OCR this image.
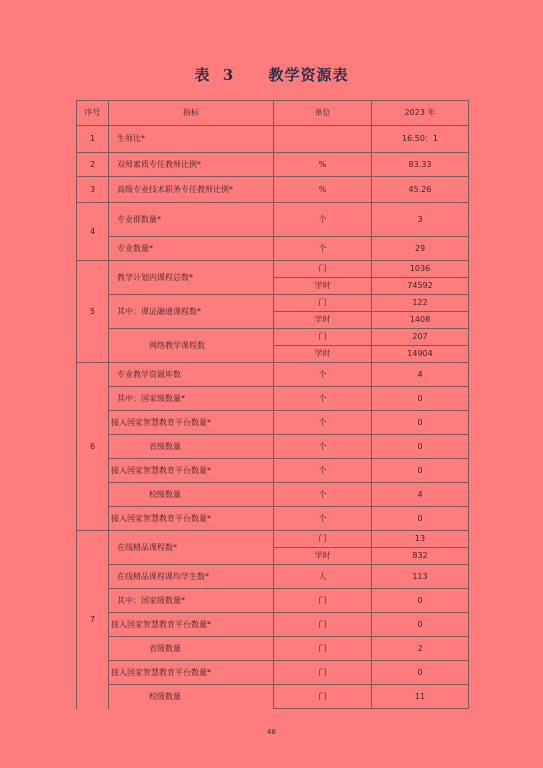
表 3 教学资源表
序号	指标	单位	2023 年
1	生师比*		16.50：1
2	双师素质专任教师比例*	%	83.33
3	高级专业技术职务专任教师比例*	%	45.26
4	专业群数量*	个	3
	专业数量*	个	29
5	教学计划内课程总数*	门	1036
		学时	74592
	其中：课证融通课程数*	门	122
		学时	1408
	网络教学课程数	门	207
		学时	14904
6	专业教学资源库数	个	4
	其中：国家级数量*	个	0
	接入国家智慧教育平台数量*	个	0
	省级数量	个	0
	接入国家智慧教育平台数量*	个	0
	校级数量	个	4
	接入国家智慧教育平台数量*	个	0
7	在线精品课程数*	门	13
		学时	832
	在线精品课程课均学生数*	人	113
	其中：国家级数量*	门	0
	接入国家智慧教育平台数量*	门	0
	省级数量	门	2
	接入国家智慧教育平台数量*	门	0
	校级数量	门	11
48
